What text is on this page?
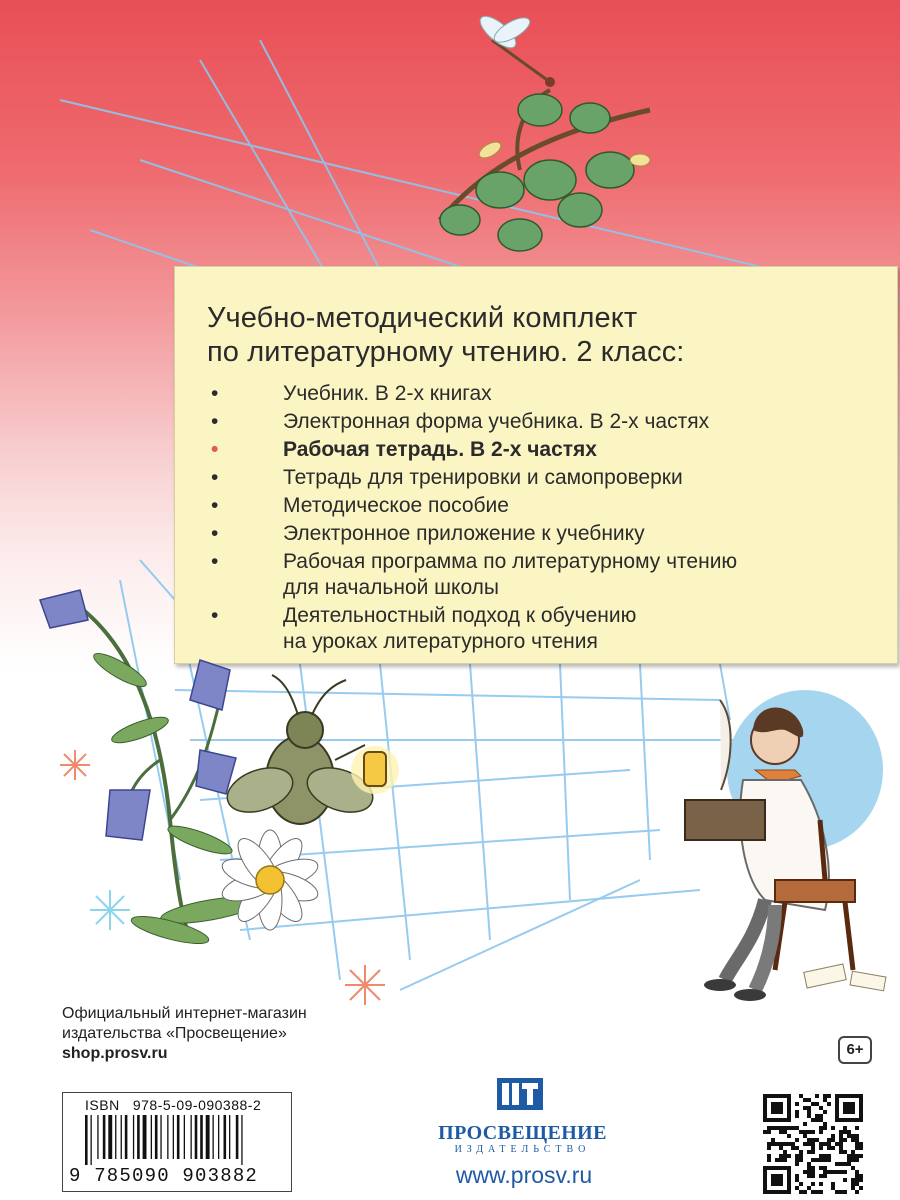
Учебно-методический комплект
по литературному чтению. 2 класс:
•	Учебник. В 2-х книгах
•	Электронная форма учебника. В 2-х частях
•	Рабочая тетрадь. В 2-х частях
•	Тетрадь для тренировки и самопроверки
•	Методическое пособие
•	Электронное приложение к учебнику
•	Рабочая программа по литературному чтению
для начальной школы
•	Деятельностный подход к обучению
на уроках литературного чтения
Официальный интернет-магазин
издательства «Просвещение»
shop.prosv.ru	6+
ISBN 978-5-09-090388-2
9 785090 903882
ПРОСВЕЩЕНИЕ
ИЗДАТЕЛЬСТВО
www.prosv.ru
